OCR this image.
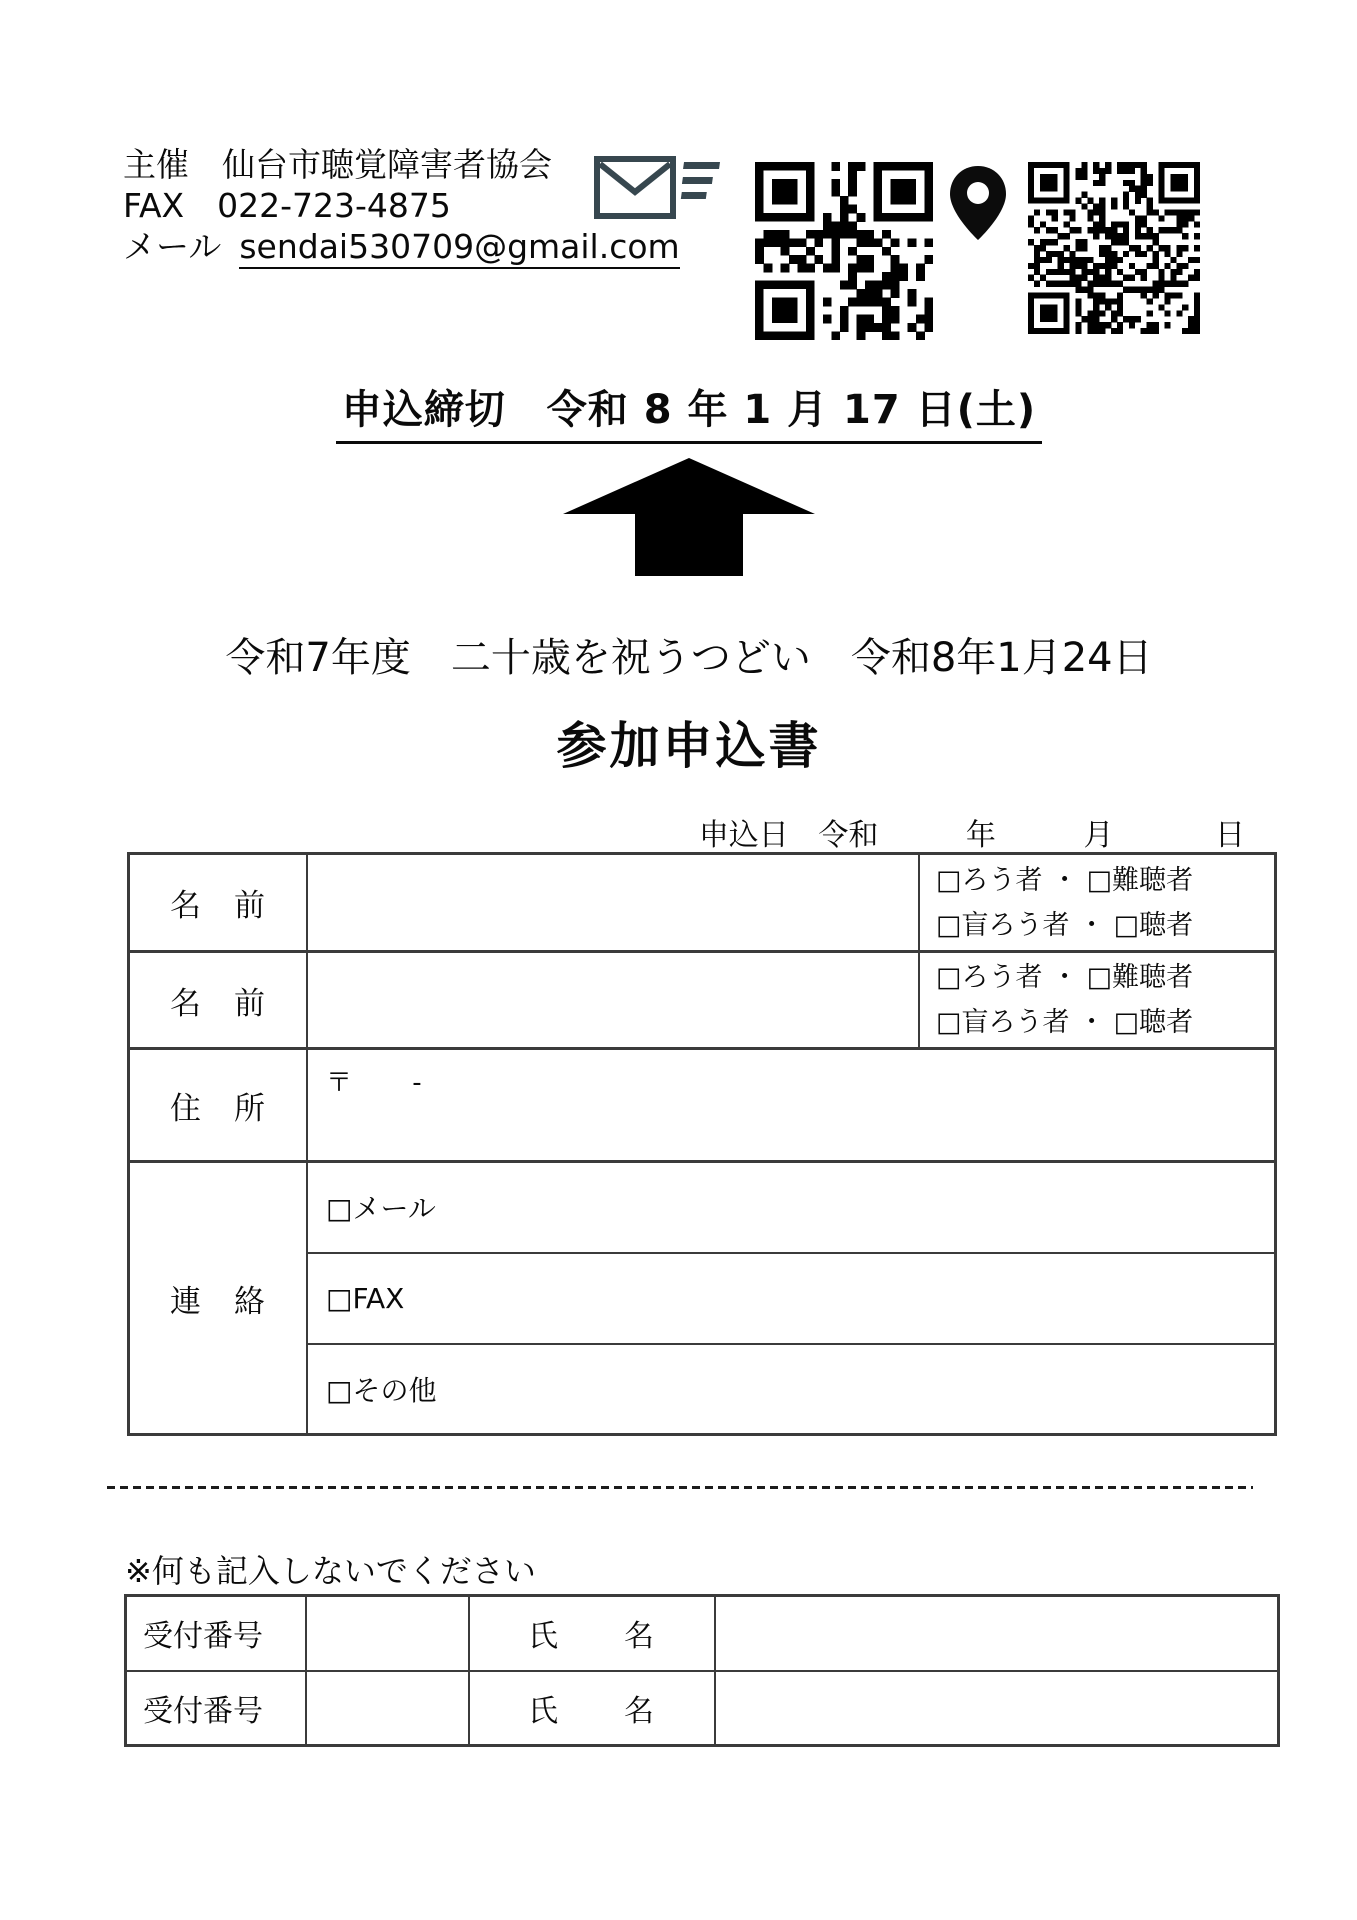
主催　仙台市聴覚障害者協会
FAX　022-723-4875
メール sendai530709@gmail.com
申込締切　令和 8 年 1 月 17 日(土)
令和7年度　二十歳を祝うつどい　令和8年1月24日
参加申込書
申込日 令和	年	月	日
名　前		□ろう者 ・ □難聴者
□盲ろう者 ・ □聴者

名　前		□ろう者 ・ □難聴者
□盲ろう者 ・ □聴者

住　所	〒 -	
連　絡	□メール	
	□FAX	
	□その他	
※何も記入しないでください
受付番号		氏　　名	
受付番号		氏　　名	
